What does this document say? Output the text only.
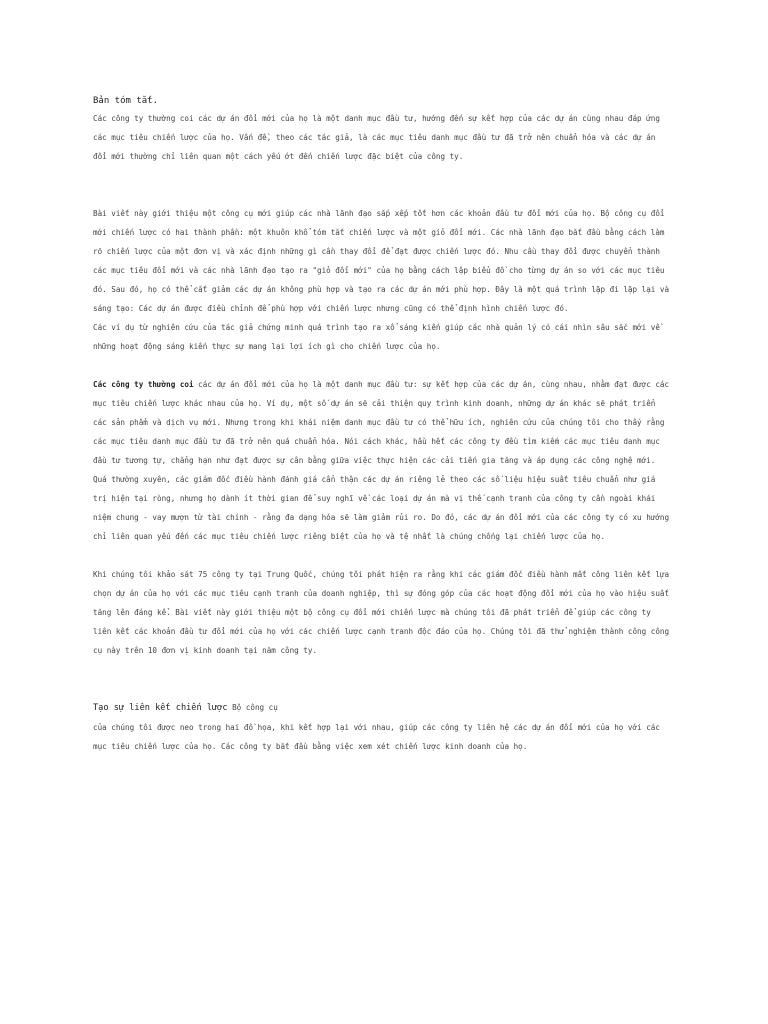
Bản tóm tắt.

Các công ty thường coi các dự án đổi mới của họ là một danh mục đầu tư, hướng đến sự kết hợp của các dự án cùng nhau đáp ứng các mục tiêu chiến lược của họ. Vấn đề, theo các tác giả, là các mục tiêu danh mục đầu tư đã trở nên chuẩn hóa và các dự án đổi mới thường chỉ liên quan một cách yếu ớt đến chiến lược đặc biệt của công ty.

Bài viết này giới thiệu một công cụ mới giúp các nhà lãnh đạo sắp xếp tốt hơn các khoản đầu tư đổi mới của họ. Bộ công cụ đổi mới chiến lược có hai thành phần: một khuôn khổ tóm tắt chiến lược và một giỏ đổi mới. Các nhà lãnh đạo bắt đầu bằng cách làm rõ chiến lược của một đơn vị và xác định những gì cần thay đổi để đạt được chiến lược đó. Nhu cầu thay đổi được chuyển thành các mục tiêu đổi mới và các nhà lãnh đạo tạo ra "giỏ đổi mới" của họ bằng cách lập biểu đồ cho từng dự án so với các mục tiêu đó. Sau đó, họ có thể cắt giảm các dự án không phù hợp và tạo ra các dự án mới phù hợp. Đây là một quá trình lặp đi lặp lại và sáng tạo: Các dự án được điều chỉnh để phù hợp với chiến lược nhưng cũng có thể định hình chiến lược đó.

Các ví dụ từ nghiên cứu của tác giả chứng minh quá trình tạo ra xổ sáng kiến giúp các nhà quản lý có cái nhìn sâu sắc mới về những hoạt động sáng kiến thực sự mang lại lợi ích gì cho chiến lược của họ.

Các công ty thường coi các dự án đổi mới của họ là một danh mục đầu tư: sự kết hợp của các dự án, cùng nhau, nhằm đạt được các mục tiêu chiến lược khác nhau của họ. Ví dụ, một số dự án sẽ cải thiện quy trình kinh doanh, những dự án khác sẽ phát triển các sản phẩm và dịch vụ mới. Nhưng trong khi khái niệm danh mục đầu tư có thể hữu ích, nghiên cứu của chúng tôi cho thấy rằng các mục tiêu danh mục đầu tư đã trở nên quá chuẩn hóa. Nói cách khác, hầu hết các công ty đều tìm kiếm các mục tiêu danh mục đầu tư tương tự, chẳng hạn như đạt được sự cân bằng giữa việc thực hiện các cải tiến gia tăng và áp dụng các công nghệ mới. Quá thường xuyên, các giám đốc điều hành đánh giá cẩn thận các dự án riêng lẻ theo các số liệu hiệu suất tiêu chuẩn như giá trị hiện tại ròng, nhưng họ dành ít thời gian để suy nghĩ về các loại dự án mà vị thế cạnh tranh của công ty cần ngoài khái niệm chung - vay mượn từ tài chính - rằng đa dạng hóa sẽ làm giảm rủi ro. Do đó, các dự án đổi mới của các công ty có xu hướng chỉ liên quan yếu đến các mục tiêu chiến lược riêng biệt của họ và tệ nhất là chúng chống lại chiến lược của họ.

Khi chúng tôi khảo sát 75 công ty tại Trung Quốc, chúng tôi phát hiện ra rằng khi các giám đốc điều hành mất công liên kết lựa chọn dự án của họ với các mục tiêu cạnh tranh của doanh nghiệp, thì sự đóng góp của các hoạt động đổi mới của họ vào hiệu suất tăng lên đáng kể. Bài viết này giới thiệu một bộ công cụ đổi mới chiến lược mà chúng tôi đã phát triển để giúp các công ty liên kết các khoản đầu tư đổi mới của họ với các chiến lược cạnh tranh độc đáo của họ. Chúng tôi đã thử nghiệm thành công công cụ này trên 10 đơn vị kinh doanh tại năm công ty.

Tạo sự liên kết chiến lược Bộ công cụ

của chúng tôi được neo trong hai đồ họa, khi kết hợp lại với nhau, giúp các công ty liên hệ các dự án đổi mới của họ với các mục tiêu chiến lược của họ. Các công ty bắt đầu bằng việc xem xét chiến lược kinh doanh của họ.
